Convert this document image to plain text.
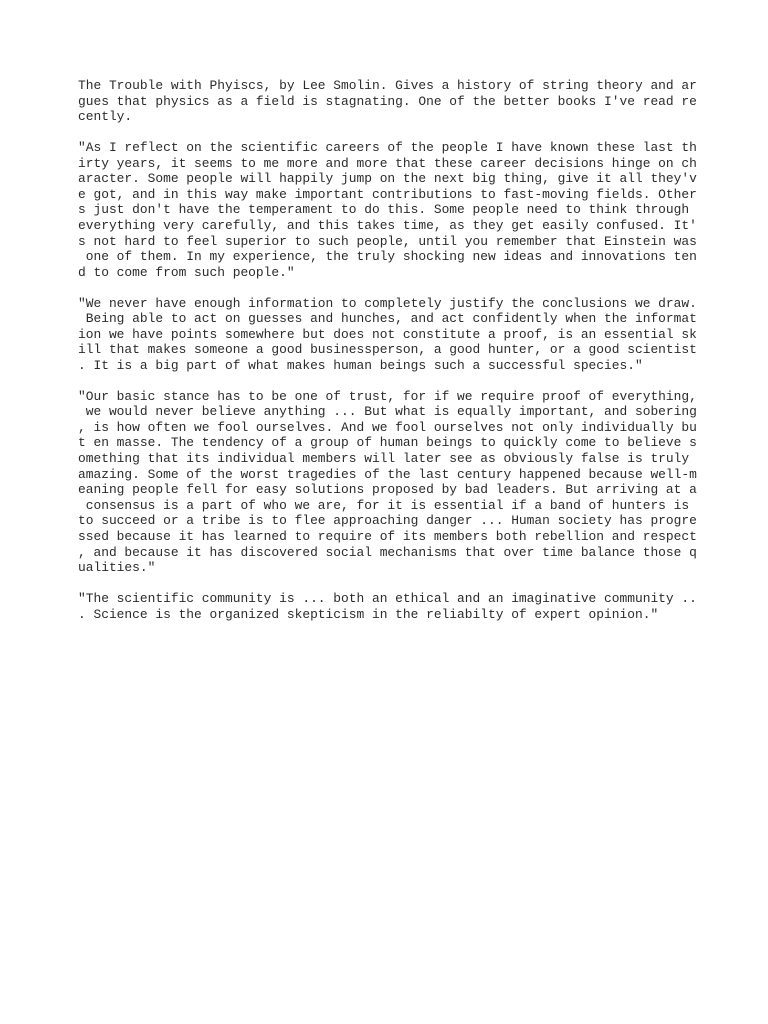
The Trouble with Phyiscs, by Lee Smolin. Gives a history of string theory and ar
gues that physics as a field is stagnating. One of the better books I've read re
cently.
"As I reflect on the scientific careers of the people I have known these last th
irty years, it seems to me more and more that these career decisions hinge on ch
aracter. Some people will happily jump on the next big thing, give it all they'v
e got, and in this way make important contributions to fast-moving fields. Other
s just don't have the temperament to do this. Some people need to think through
everything very carefully, and this takes time, as they get easily confused. It'
s not hard to feel superior to such people, until you remember that Einstein was
one of them. In my experience, the truly shocking new ideas and innovations ten
d to come from such people."
"We never have enough information to completely justify the conclusions we draw.
Being able to act on guesses and hunches, and act confidently when the informat
ion we have points somewhere but does not constitute a proof, is an essential sk
ill that makes someone a good businessperson, a good hunter, or a good scientist
. It is a big part of what makes human beings such a successful species."
"Our basic stance has to be one of trust, for if we require proof of everything,
we would never believe anything ... But what is equally important, and sobering
, is how often we fool ourselves. And we fool ourselves not only individually bu
t en masse. The tendency of a group of human beings to quickly come to believe s
omething that its individual members will later see as obviously false is truly
amazing. Some of the worst tragedies of the last century happened because well-m
eaning people fell for easy solutions proposed by bad leaders. But arriving at a
consensus is a part of who we are, for it is essential if a band of hunters is
to succeed or a tribe is to flee approaching danger ... Human society has progre
ssed because it has learned to require of its members both rebellion and respect
, and because it has discovered social mechanisms that over time balance those q
ualities."
"The scientific community is ... both an ethical and an imaginative community ..
. Science is the organized skepticism in the reliabilty of expert opinion."
